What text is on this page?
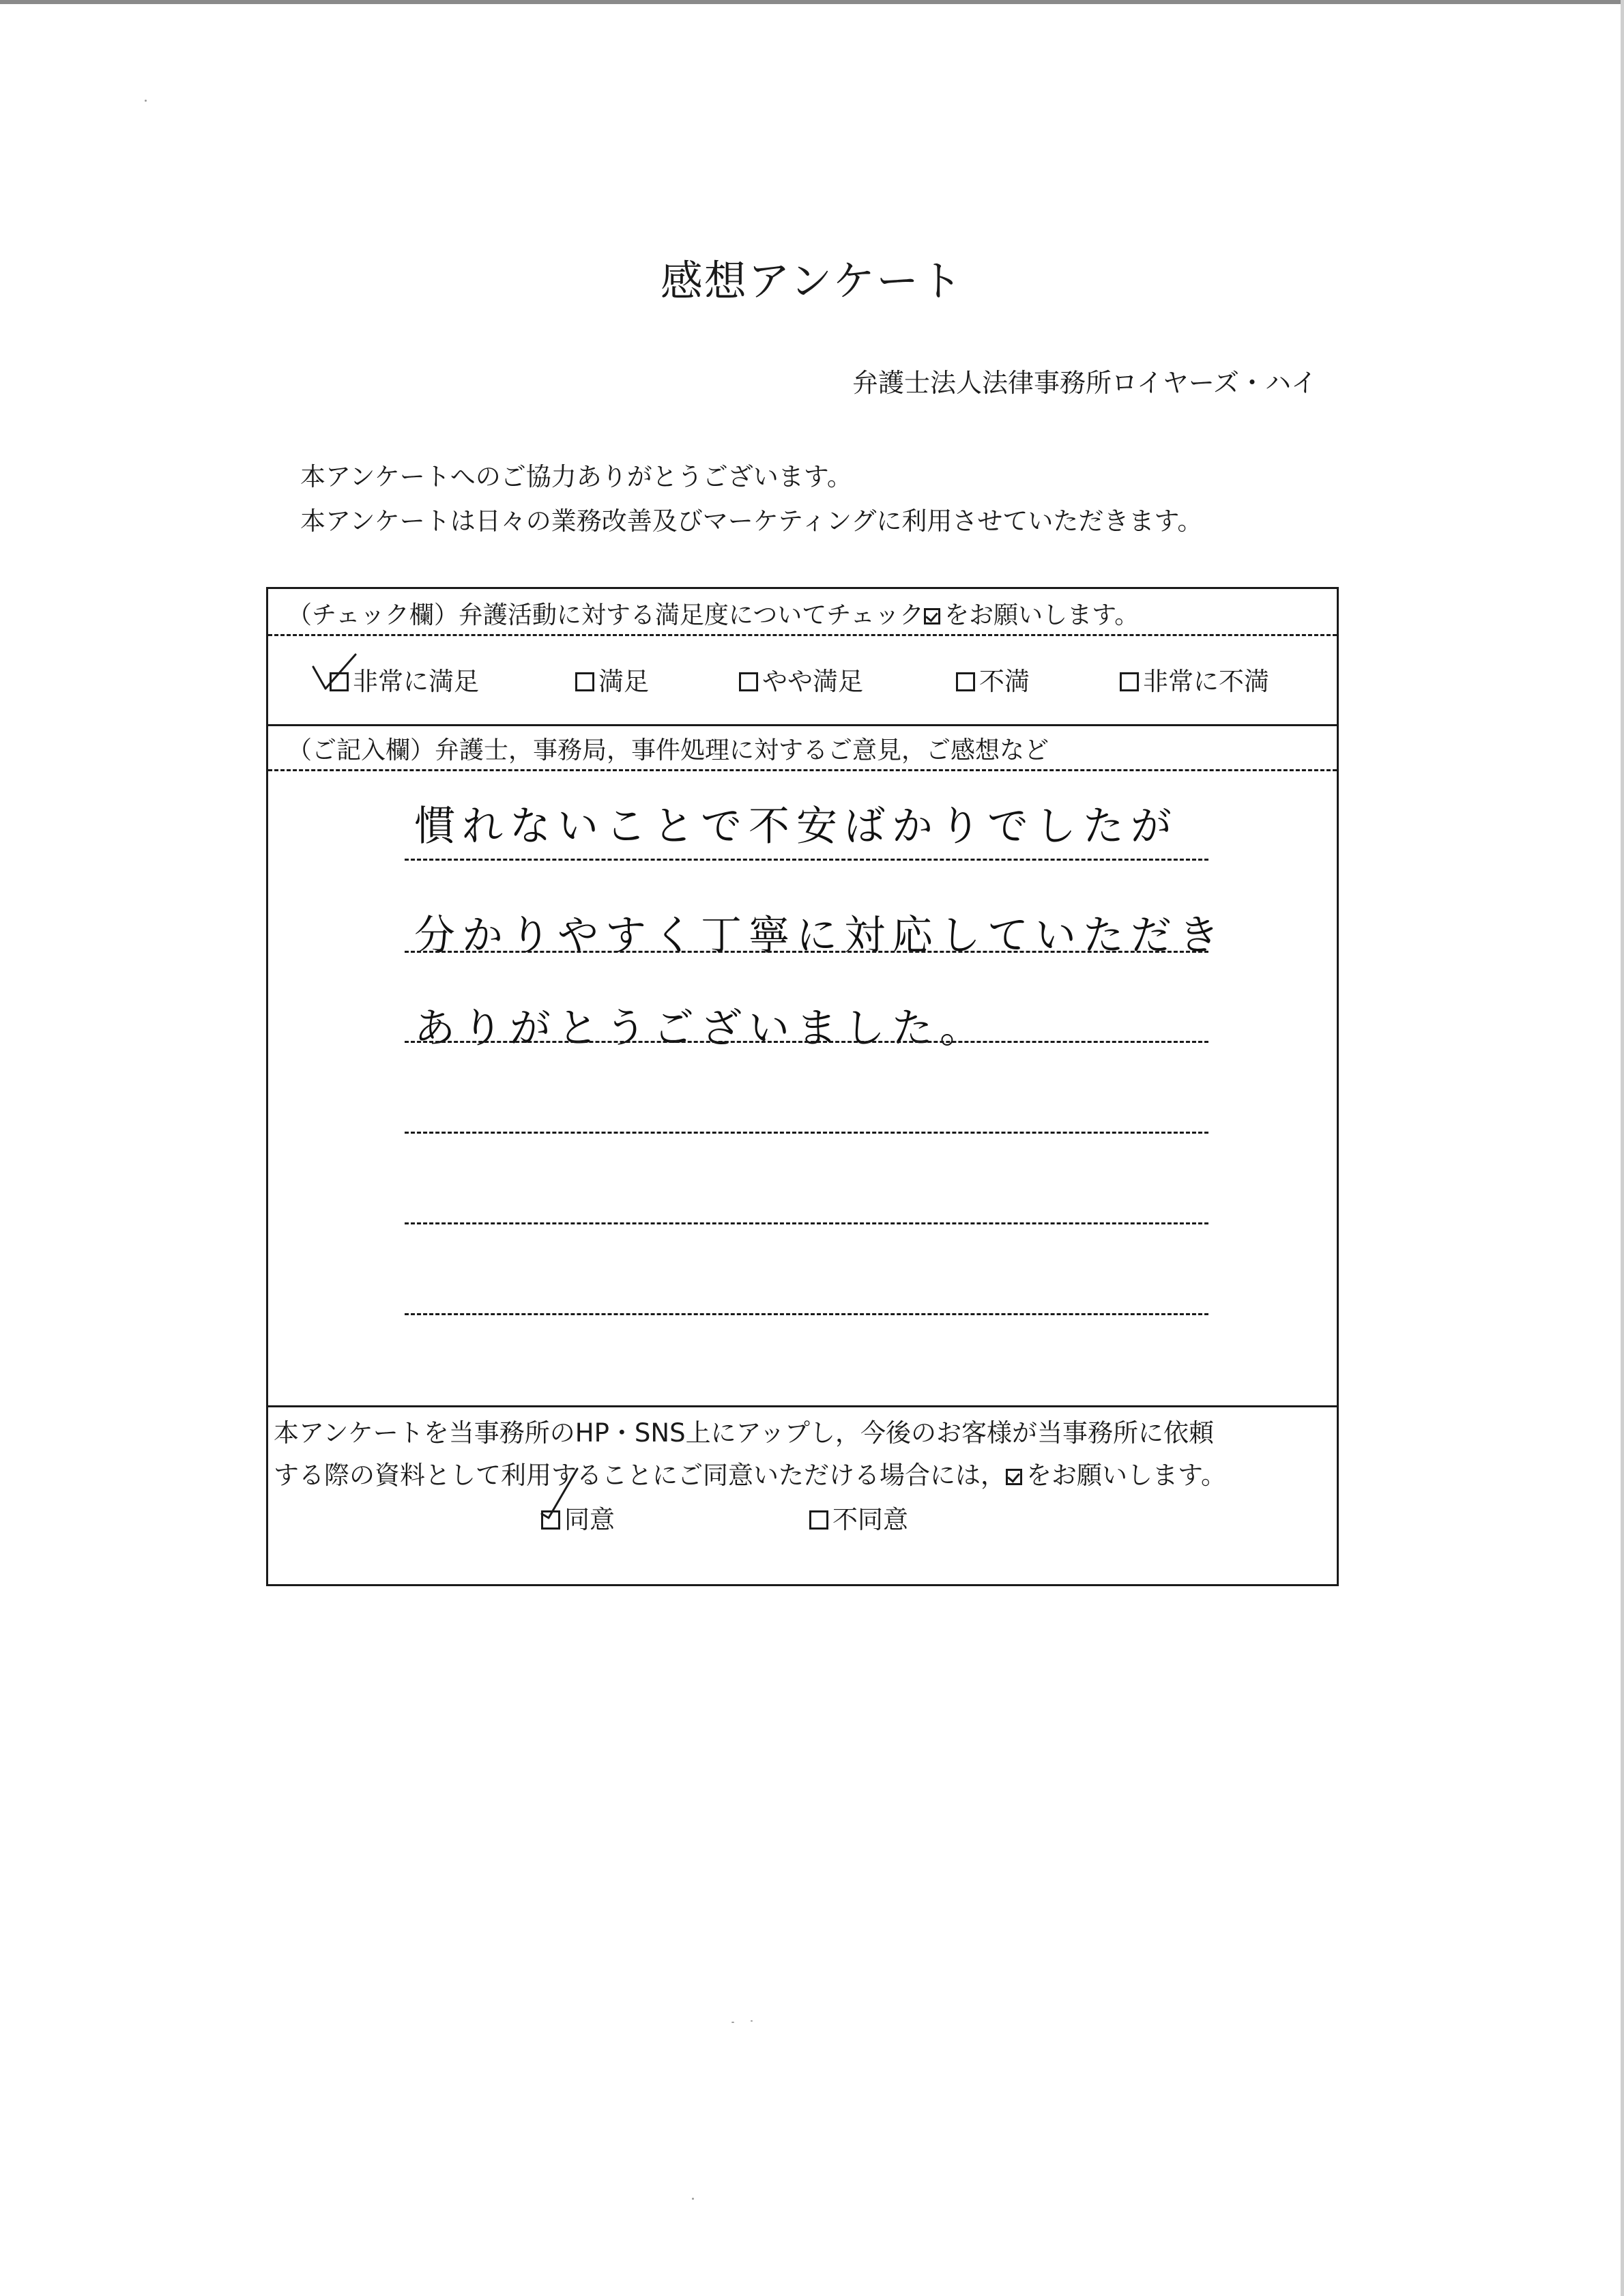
感想アンケート
弁護士法人法律事務所ロイヤーズ・ハイ
本アンケートへのご協力ありがとうございます。
本アンケートは日々の業務改善及びマーケティングに利用させていただきます。
（チェック欄）弁護活動に対する満足度についてチェック をお願いします。
非常に満足	満足	やや満足	不満	非常に不満
（ご記入欄）弁護士，事務局，事件処理に対するご意見，ご感想など
慣れないことで不安ばかりでしたが
分かりやすく丁寧に対応していただき
ありがとうございました。
本アンケートを当事務所のHP・SNS上にアップし，今後のお客様が当事務所に依頼
する際の資料として利用することにご同意いただける場合には， をお願いします。
同意	不同意
